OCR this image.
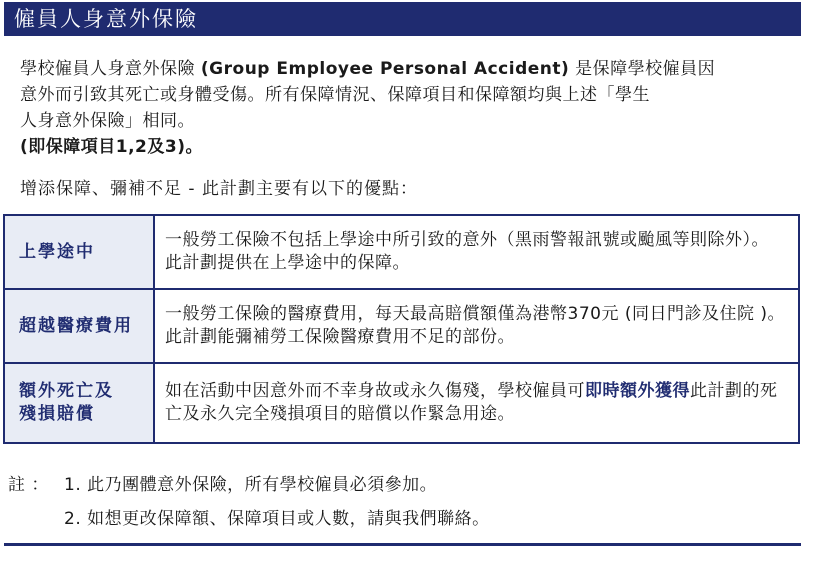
僱員人身意外保險

學校僱員人身意外保險 (Group Employee Personal Accident) 是保障學校僱員因

意外而引致其死亡或身體受傷。所有保障情況、保障項目和保障額均與上述「學生

人身意外保險」相同。

(即保障項目1,2及3)。

增添保障、彌補不足 - 此計劃主要有以下的優點：
上學途中	一般勞工保險不包括上學途中所引致的意外（黑雨警報訊號或颱風等則除外）。此計劃提供在上學途中的保障。
超越醫療費用	一般勞工保險的醫療費用，每天最高賠償額僅為港幣370元 (同日門診及住院 )。此計劃能彌補勞工保險醫療費用不足的部份。
額外死亡及
殘損賠償	如在活動中因意外而不幸身故或永久傷殘，學校僱員可即時額外獲得此計劃的死亡及永久完全殘損項目的賠償以作緊急用途。
註 ： 1. 此乃團體意外保險，所有學校僱員必須參加。
2. 如想更改保障額、保障項目或人數，請與我們聯絡。
